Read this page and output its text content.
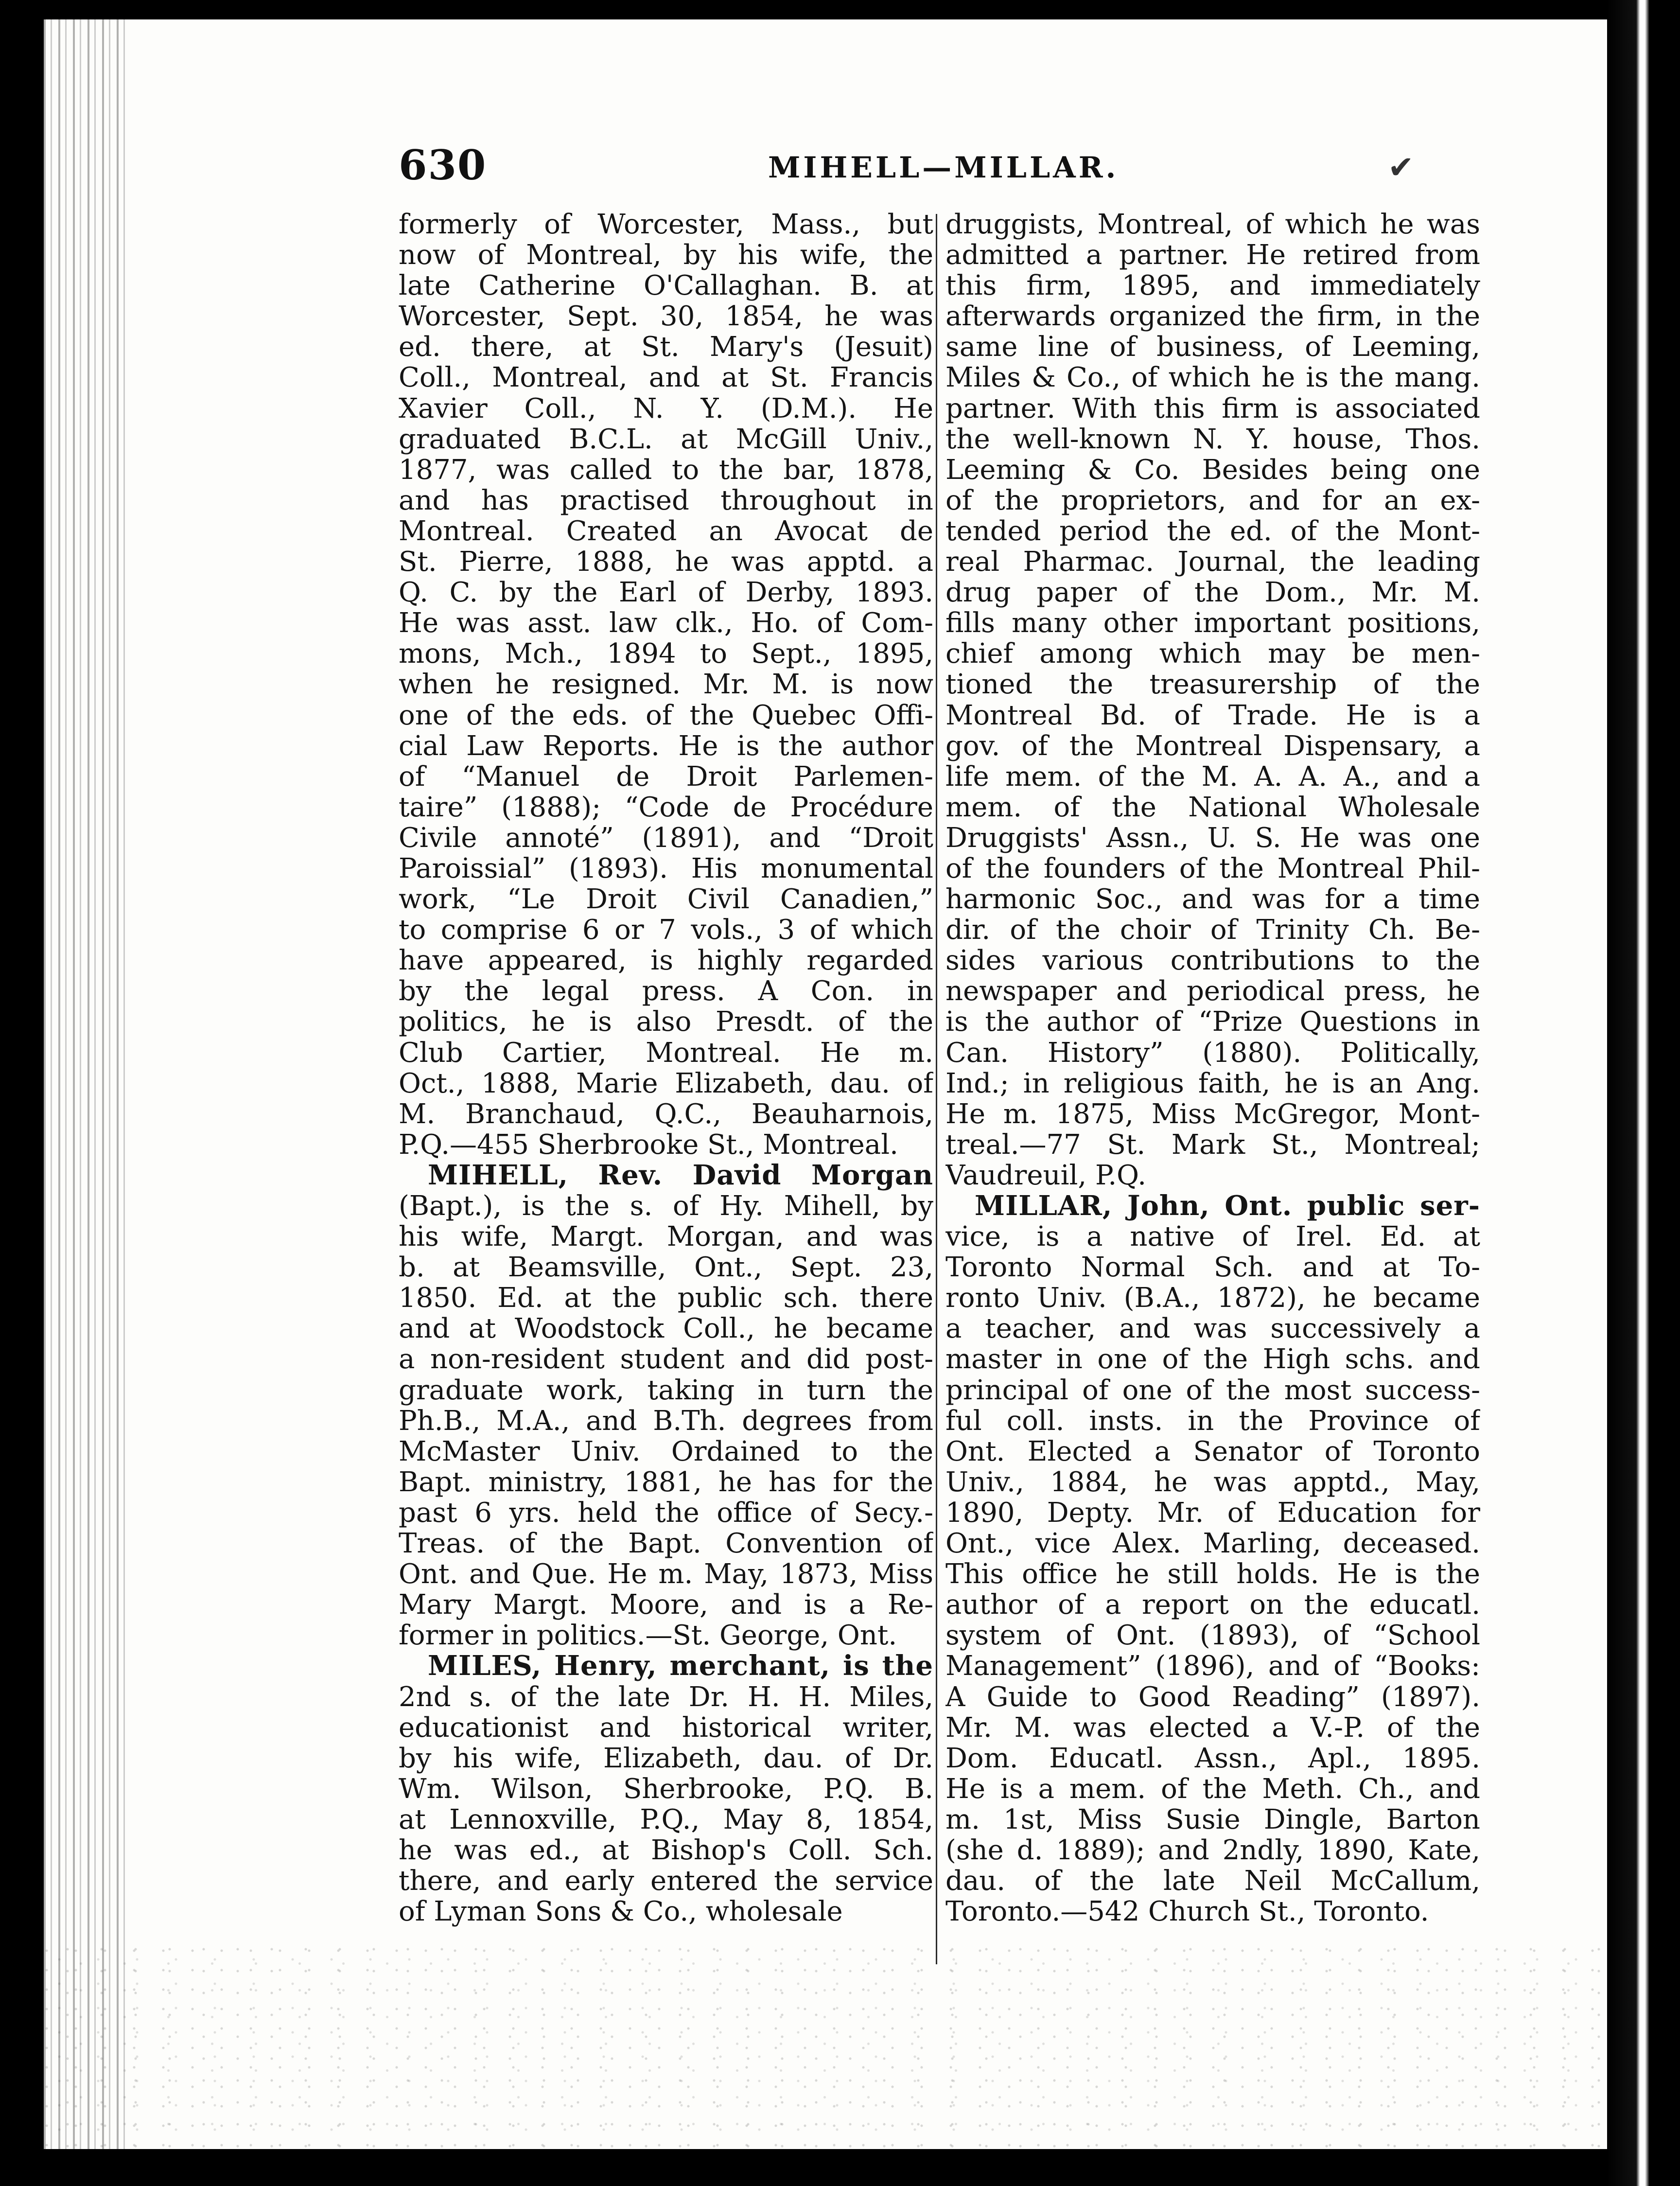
630	MIHELL—MILLAR.	✔
formerly of Worcester, Mass., but
now of Montreal, by his wife, the
late Catherine O'Callaghan. B. at
Worcester, Sept. 30, 1854, he was
ed. there, at St. Mary's (Jesuit)
Coll., Montreal, and at St. Francis
Xavier Coll., N. Y. (D.M.). He
graduated B.C.L. at McGill Univ.,
1877, was called to the bar, 1878,
and has practised throughout in
Montreal. Created an Avocat de
St. Pierre, 1888, he was apptd. a
Q. C. by the Earl of Derby, 1893.
He was asst. law clk., Ho. of Com-
mons, Mch., 1894 to Sept., 1895,
when he resigned. Mr. M. is now
one of the eds. of the Quebec Offi-
cial Law Reports. He is the author
of “Manuel de Droit Parlemen-
taire” (1888); “Code de Procédure
Civile annoté” (1891), and “Droit
Paroissial” (1893). His monumental
work, “Le Droit Civil Canadien,”
to comprise 6 or 7 vols., 3 of which
have appeared, is highly regarded
by the legal press. A Con. in
politics, he is also Presdt. of the
Club Cartier, Montreal. He m.
Oct., 1888, Marie Elizabeth, dau. of
M. Branchaud, Q.C., Beauharnois,
P.Q.—455 Sherbrooke St., Montreal.
MIHELL, Rev. David Morgan
(Bapt.), is the s. of Hy. Mihell, by
his wife, Margt. Morgan, and was
b. at Beamsville, Ont., Sept. 23,
1850. Ed. at the public sch. there
and at Woodstock Coll., he became
a non-resident student and did post-
graduate work, taking in turn the
Ph.B., M.A., and B.Th. degrees from
McMaster Univ. Ordained to the
Bapt. ministry, 1881, he has for the
past 6 yrs. held the office of Secy.-
Treas. of the Bapt. Convention of
Ont. and Que. He m. May, 1873, Miss
Mary Margt. Moore, and is a Re-
former in politics.—St. George, Ont.
MILES, Henry, merchant, is the
2nd s. of the late Dr. H. H. Miles,
educationist and historical writer,
by his wife, Elizabeth, dau. of Dr.
Wm. Wilson, Sherbrooke, P.Q. B.
at Lennoxville, P.Q., May 8, 1854,
he was ed., at Bishop's Coll. Sch.
there, and early entered the service
of Lyman Sons & Co., wholesale
druggists, Montreal, of which he was
admitted a partner. He retired from
this firm, 1895, and immediately
afterwards organized the firm, in the
same line of business, of Leeming,
Miles & Co., of which he is the mang.
partner. With this firm is associated
the well-known N. Y. house, Thos.
Leeming & Co. Besides being one
of the proprietors, and for an ex-
tended period the ed. of the Mont-
real Pharmac. Journal, the leading
drug paper of the Dom., Mr. M.
fills many other important positions,
chief among which may be men-
tioned the treasurership of the
Montreal Bd. of Trade. He is a
gov. of the Montreal Dispensary, a
life mem. of the M. A. A. A., and a
mem. of the National Wholesale
Druggists' Assn., U. S. He was one
of the founders of the Montreal Phil-
harmonic Soc., and was for a time
dir. of the choir of Trinity Ch. Be-
sides various contributions to the
newspaper and periodical press, he
is the author of “Prize Questions in
Can. History” (1880). Politically,
Ind.; in religious faith, he is an Ang.
He m. 1875, Miss McGregor, Mont-
treal.—77 St. Mark St., Montreal;
Vaudreuil, P.Q.
MILLAR, John, Ont. public ser-
vice, is a native of Irel. Ed. at
Toronto Normal Sch. and at To-
ronto Univ. (B.A., 1872), he became
a teacher, and was successively a
master in one of the High schs. and
principal of one of the most success-
ful coll. insts. in the Province of
Ont. Elected a Senator of Toronto
Univ., 1884, he was apptd., May,
1890, Depty. Mr. of Education for
Ont., vice Alex. Marling, deceased.
This office he still holds. He is the
author of a report on the educatl.
system of Ont. (1893), of “School
Management” (1896), and of “Books:
A Guide to Good Reading” (1897).
Mr. M. was elected a V.-P. of the
Dom. Educatl. Assn., Apl., 1895.
He is a mem. of the Meth. Ch., and
m. 1st, Miss Susie Dingle, Barton
(she d. 1889); and 2ndly, 1890, Kate,
dau. of the late Neil McCallum,
Toronto.—542 Church St., Toronto.
